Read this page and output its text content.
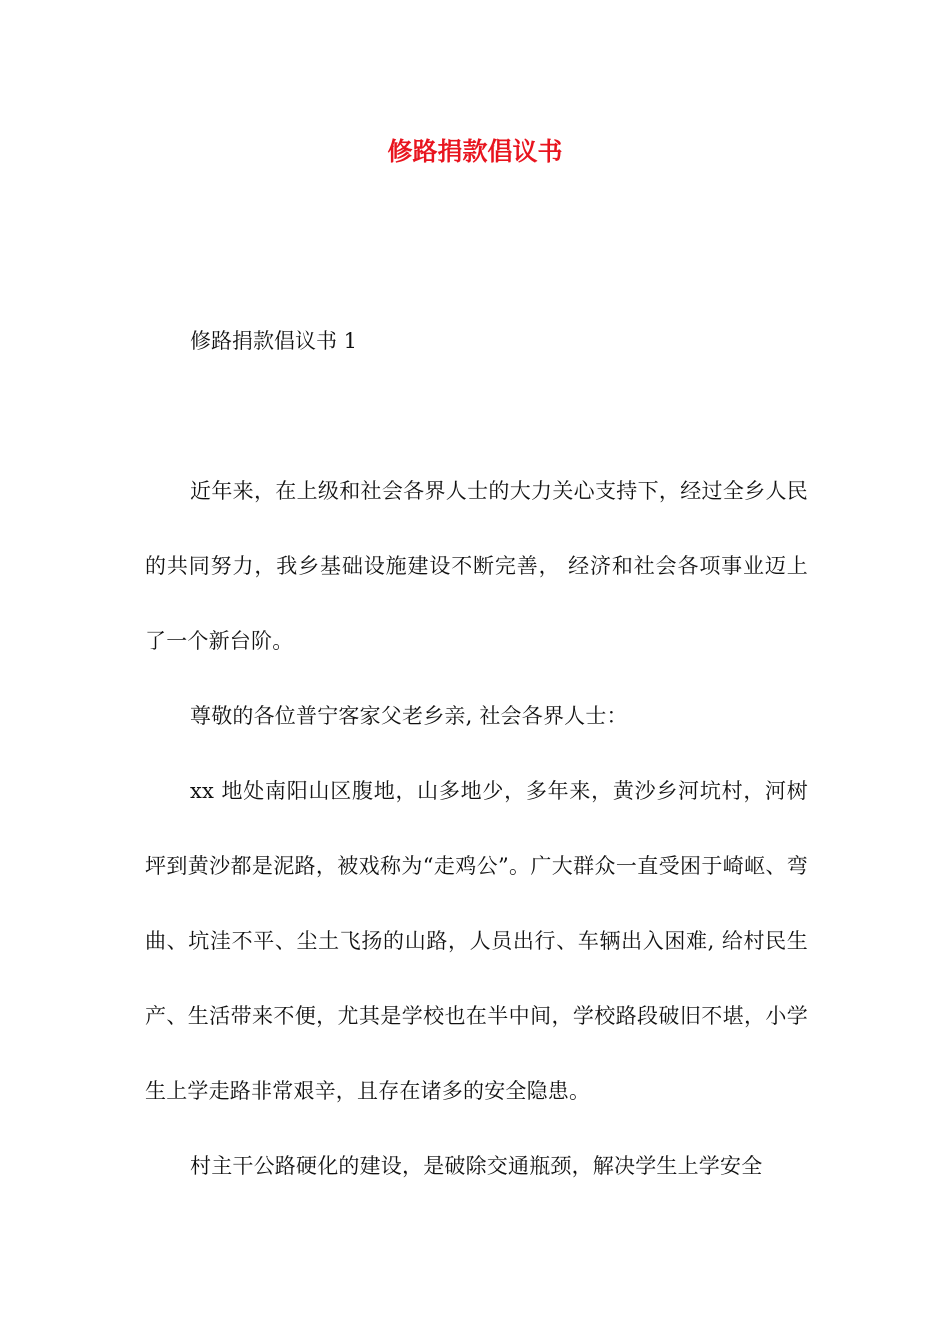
修路捐款倡议书

修路捐款倡议书 1

近年来，在上级和社会各界人士的大力关心支持下，经过全乡人民的共同努力，我乡基础设施建设不断完善， 经济和社会各项事业迈上了一个新台阶。

尊敬的各位普宁客家父老乡亲, 社会各界人士：

xx 地处南阳山区腹地，山多地少，多年来，黄沙乡河坑村，河树坪到黄沙都是泥路，被戏称为“走鸡公”。广大群众一直受困于崎岖、弯曲、坑洼不平、尘土飞扬的山路，人员出行、车辆出入困难, 给村民生产、生活带来不便，尤其是学校也在半中间，学校路段破旧不堪，小学生上学走路非常艰辛，且存在诸多的安全隐患。

村主干公路硬化的建设，是破除交通瓶颈，解决学生上学安全
